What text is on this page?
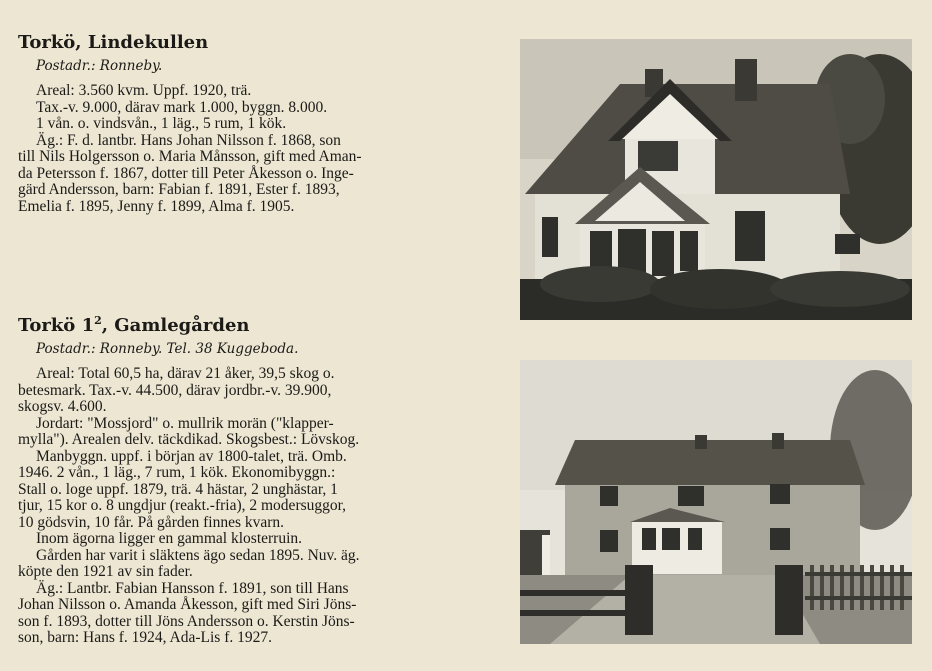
Torkö, Lindekullen
Postadr.: Ronneby.
Areal: 3.560 kvm. Uppf. 1920, trä.
Tax.-v. 9.000, därav mark 1.000, byggn. 8.000.
1 vån. o. vindsvån., 1 läg., 5 rum, 1 kök.
Äg.: F. d. lantbr. Hans Johan Nilsson f. 1868, son
till Nils Holgersson o. Maria Månsson, gift med Aman-
da Petersson f. 1867, dotter till Peter Åkesson o. Inge-
gärd Andersson, barn: Fabian f. 1891, Ester f. 1893,
Emelia f. 1895, Jenny f. 1899, Alma f. 1905.
Torkö $1^2$, Gamlegården
Postadr.: Ronneby. Tel. 38 Kuggeboda.
Areal: Total 60,5 ha, därav 21 åker, 39,5 skog o.
betesmark. Tax.-v. 44.500, därav jordbr.-v. 39.900,
skogsv. 4.600.
Jordart: "Mossjord" o. mullrik morän ("klapper-
mylla"). Arealen delv. täckdikad. Skogsbest.: Lövskog.
Manbyggn. uppf. i början av 1800-talet, trä. Omb.
1946. 2 vån., 1 läg., 7 rum, 1 kök. Ekonomibyggn.:
Stall o. loge uppf. 1879, trä. 4 hästar, 2 unghästar, 1
tjur, 15 kor o. 8 ungdjur (reakt.-fria), 2 modersuggor,
10 gödsvin, 10 får. På gården finnes kvarn.
Inom ägorna ligger en gammal klosterruin.
Gården har varit i släktens ägo sedan 1895. Nuv. äg.
köpte den 1921 av sin fader.
Äg.: Lantbr. Fabian Hansson f. 1891, son till Hans
Johan Nilsson o. Amanda Åkesson, gift med Siri Jöns-
son f. 1893, dotter till Jöns Andersson o. Kerstin Jöns-
son, barn: Hans f. 1924, Ada-Lis f. 1927.
